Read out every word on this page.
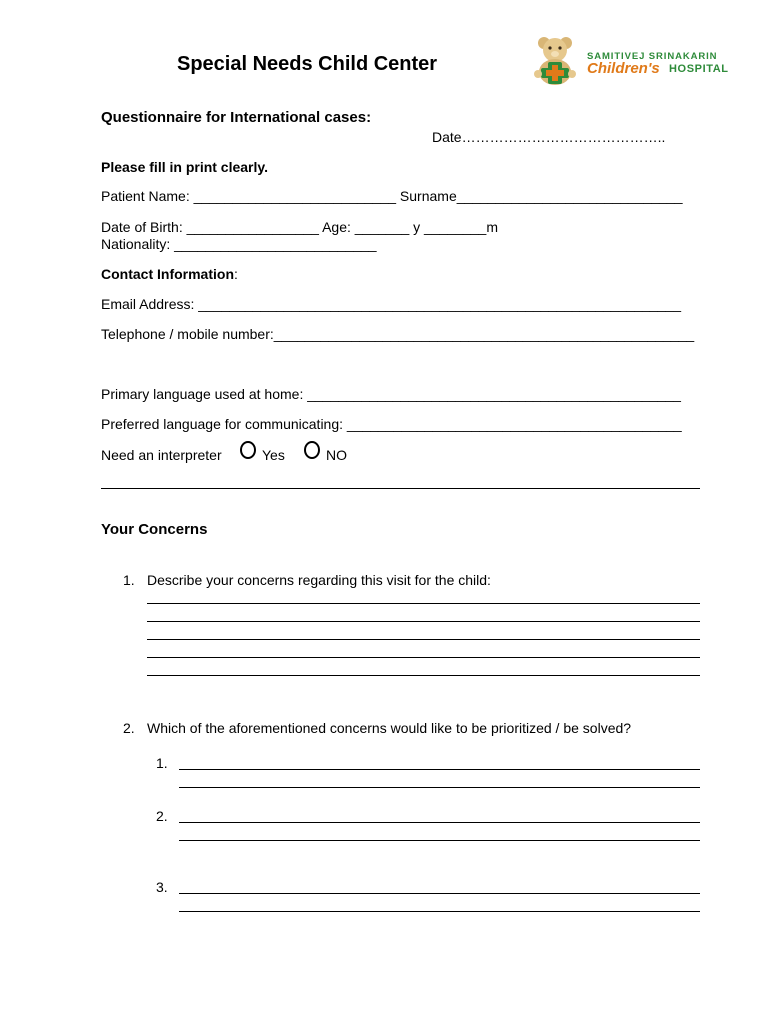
Special Needs Child Center	SAMITIVEJ SRINAKARIN
Children's HOSPITAL
Questionnaire for International cases:
Date……………………………………..
Please fill in print clearly.
Patient Name: __________________________ Surname_____________________________
Date of Birth: _________________ Age: _______ y ________m
Nationality: __________________________
Contact Information:
Email Address: ______________________________________________________________
Telephone / mobile number:______________________________________________________
Primary language used at home: ________________________________________________
Preferred language for communicating: ___________________________________________
Need an interpreter	Yes	NO
Your Concerns
1. Describe your concerns regarding this visit for the child:
2. Which of the aforementioned concerns would like to be prioritized / be solved?
1.
2.
3.
